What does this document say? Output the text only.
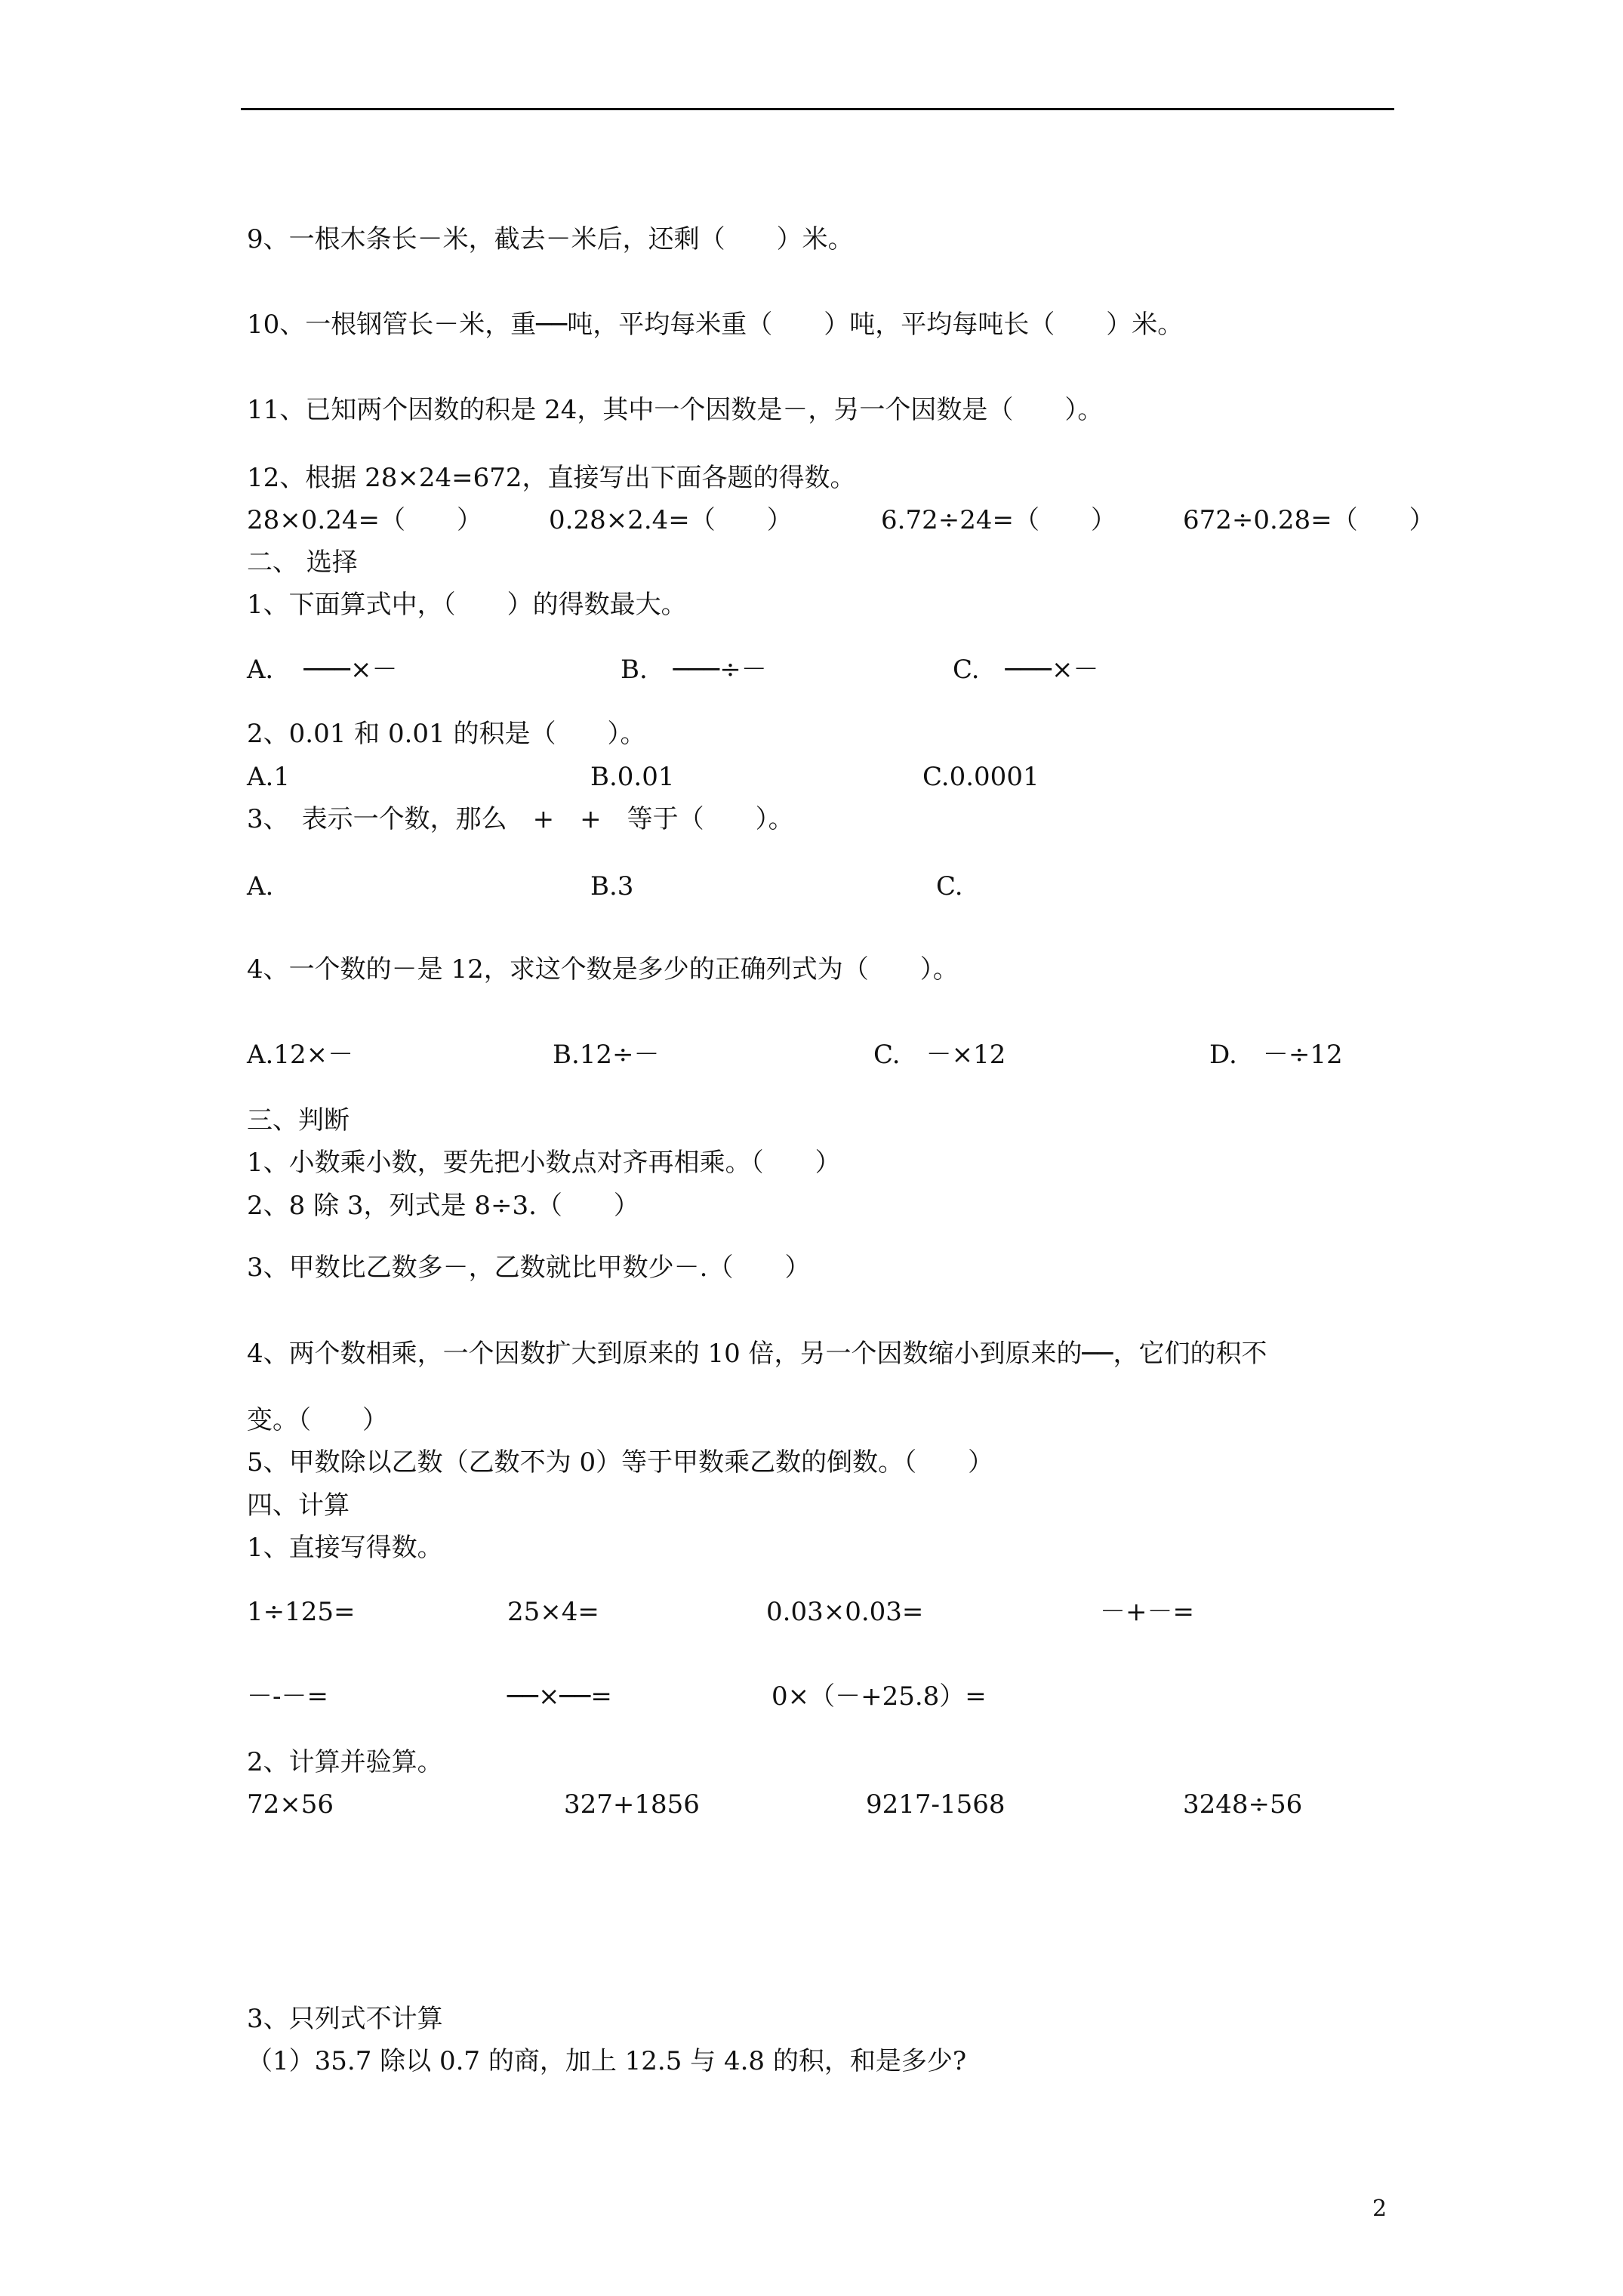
9、一根木条长－米，截去－米后，还剩（　　）米。
10、一根钢管长－米，重──吨，平均每米重（　　）吨，平均每吨长（　　）米。
11、已知两个因数的积是 24，其中一个因数是－，另一个因数是（　　）。
12、根据 28×24=672，直接写出下面各题的得数。
28×0.24=（　　）	0.28×2.4=（　　）	6.72÷24=（　　）	672÷0.28=（　　）
二、 选择
1、下面算式中，（　　）的得数最大。
A．　───×－	B.　───÷－	C.　───×－
2、0.01 和 0.01 的积是（　　）。
A.1	B.0.01	C.0.0001
3、　表示一个数，那么　+　+　等于（　　）。
A.	B.3	C.
4、一个数的－是 12，求这个数是多少的正确列式为（　　）。
A.12×－	B.12÷－	C.　－×12	D.　－÷12
三、判断
1、小数乘小数，要先把小数点对齐再相乘。（　　）
2、8 除 3，列式是 8÷3.（　　）
3、甲数比乙数多－，乙数就比甲数少－.（　　）
4、两个数相乘，一个因数扩大到原来的 10 倍，另一个因数缩小到原来的──，它们的积不
变。（　　）
5、甲数除以乙数（乙数不为 0）等于甲数乘乙数的倒数。（　　）
四、计算
1、直接写得数。
1÷125=	25×4=	0.03×0.03=	－+－=
－-－=	──×──=	0×（－+25.8）=
2、计算并验算。
72×56	327+1856	9217-1568	3248÷56
3、只列式不计算
（1）35.7 除以 0.7 的商，加上 12.5 与 4.8 的积，和是多少?
2
